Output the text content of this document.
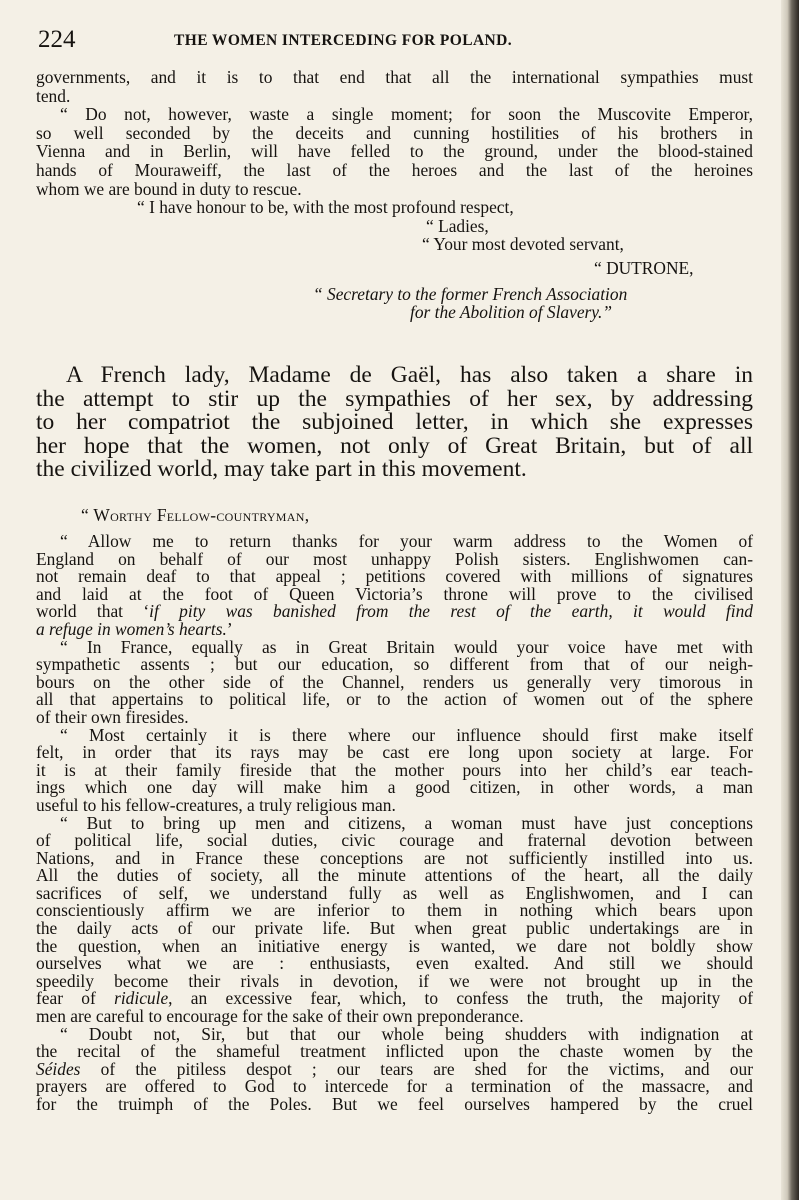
224	THE WOMEN INTERCEDING FOR POLAND.
governments, and it is to that end that all the international sympathies must
tend.
“ Do not, however, waste a single moment; for soon the Muscovite Emperor,
so well seconded by the deceits and cunning hostilities of his brothers in
Vienna and in Berlin, will have felled to the ground, under the blood-stained
hands of Mouraweiff, the last of the heroes and the last of the heroines
whom we are bound in duty to rescue.
“ I have honour to be, with the most profound respect,
“ Ladies,
“ Your most devoted servant,
“ DUTRONE,
“ Secretary to the former French Association
for the Abolition of Slavery.”
A French lady, Madame de Gaël, has also taken a share in
the attempt to stir up the sympathies of her sex, by addressing
to her compatriot the subjoined letter, in which she expresses
her hope that the women, not only of Great Britain, but of all
the civilized world, may take part in this movement.
“ Worthy Fellow-countryman,
“ Allow me to return thanks for your warm address to the Women of
England on behalf of our most unhappy Polish sisters. Englishwomen can-
not remain deaf to that appeal ; petitions covered with millions of signatures
and laid at the foot of Queen Victoria’s throne will prove to the civilised
world that ‘if pity was banished from the rest of the earth, it would find
a refuge in women’s hearts.’
“ In France, equally as in Great Britain would your voice have met with
sympathetic assents ; but our education, so different from that of our neigh-
bours on the other side of the Channel, renders us generally very timorous in
all that appertains to political life, or to the action of women out of the sphere
of their own firesides.
“ Most certainly it is there where our influence should first make itself
felt, in order that its rays may be cast ere long upon society at large. For
it is at their family fireside that the mother pours into her child’s ear teach-
ings which one day will make him a good citizen, in other words, a man
useful to his fellow-creatures, a truly religious man.
“ But to bring up men and citizens, a woman must have just conceptions
of political life, social duties, civic courage and fraternal devotion between
Nations, and in France these conceptions are not sufficiently instilled into us.
All the duties of society, all the minute attentions of the heart, all the daily
sacrifices of self, we understand fully as well as Englishwomen, and I can
conscientiously affirm we are inferior to them in nothing which bears upon
the daily acts of our private life. But when great public undertakings are in
the question, when an initiative energy is wanted, we dare not boldly show
ourselves what we are : enthusiasts, even exalted. And still we should
speedily become their rivals in devotion, if we were not brought up in the
fear of ridicule, an excessive fear, which, to confess the truth, the majority of
men are careful to encourage for the sake of their own preponderance.
“ Doubt not, Sir, but that our whole being shudders with indignation at
the recital of the shameful treatment inflicted upon the chaste women by the
Séides of the pitiless despot ; our tears are shed for the victims, and our
prayers are offered to God to intercede for a termination of the massacre, and
for the truimph of the Poles. But we feel ourselves hampered by the cruel
